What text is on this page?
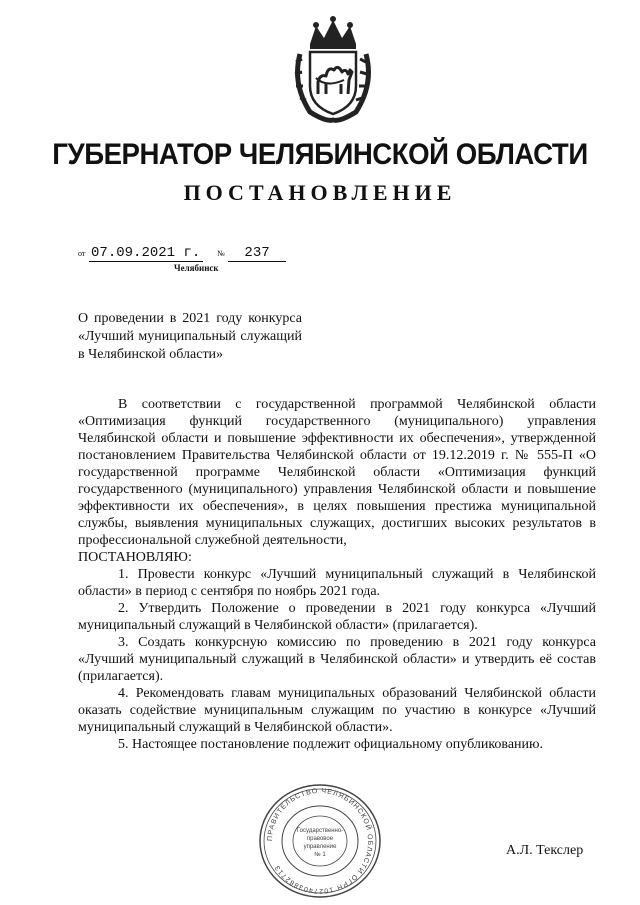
ГУБЕРНАТОР ЧЕЛЯБИНСКОЙ ОБЛАСТИ
ПОСТАНОВЛЕНИЕ
от 07.09.2021 г. № 237
Челябинск
О проведении в 2021 году конкурса «Лучший муниципальный служащий в Челябинской области»

В соответствии с государственной программой Челябинской области «Оптимизация функций государственного (муниципального) управления Челябинской области и повышение эффективности их обеспечения», утвержденной постановлением Правительства Челябинской области от 19.12.2019 г. № 555-П «О государственной программе Челябинской области «Оптимизация функций государственного (муниципального) управления Челябинской области и повышение эффективности их обеспечения», в целях повышения престижа муниципальной службы, выявления муниципальных служащих, достигших высоких результатов в профессиональной служебной деятельности,

ПОСТАНОВЛЯЮ:

1. Провести конкурс «Лучший муниципальный служащий в Челябинской области» в период с сентября по ноябрь 2021 года.

2. Утвердить Положение о проведении в 2021 году конкурса «Лучший муниципальный служащий в Челябинской области» (прилагается).

3. Создать конкурсную комиссию по проведению в 2021 году конкурса «Лучший муниципальный служащий в Челябинской области» и утвердить её состав (прилагается).

4. Рекомендовать главам муниципальных образований Челябинской области оказать содействие муниципальным служащим по участию в конкурсе «Лучший муниципальный служащий в Челябинской области».

5. Настоящее постановление подлежит официальному опубликованию.

ПРАВИТЕЛЬСТВО ЧЕЛЯБИНСКОЙ ОБЛАСТИ ОГРН 1027403882713
Государственно-
правовое
управление
№ 1	А.Л. Текслер
